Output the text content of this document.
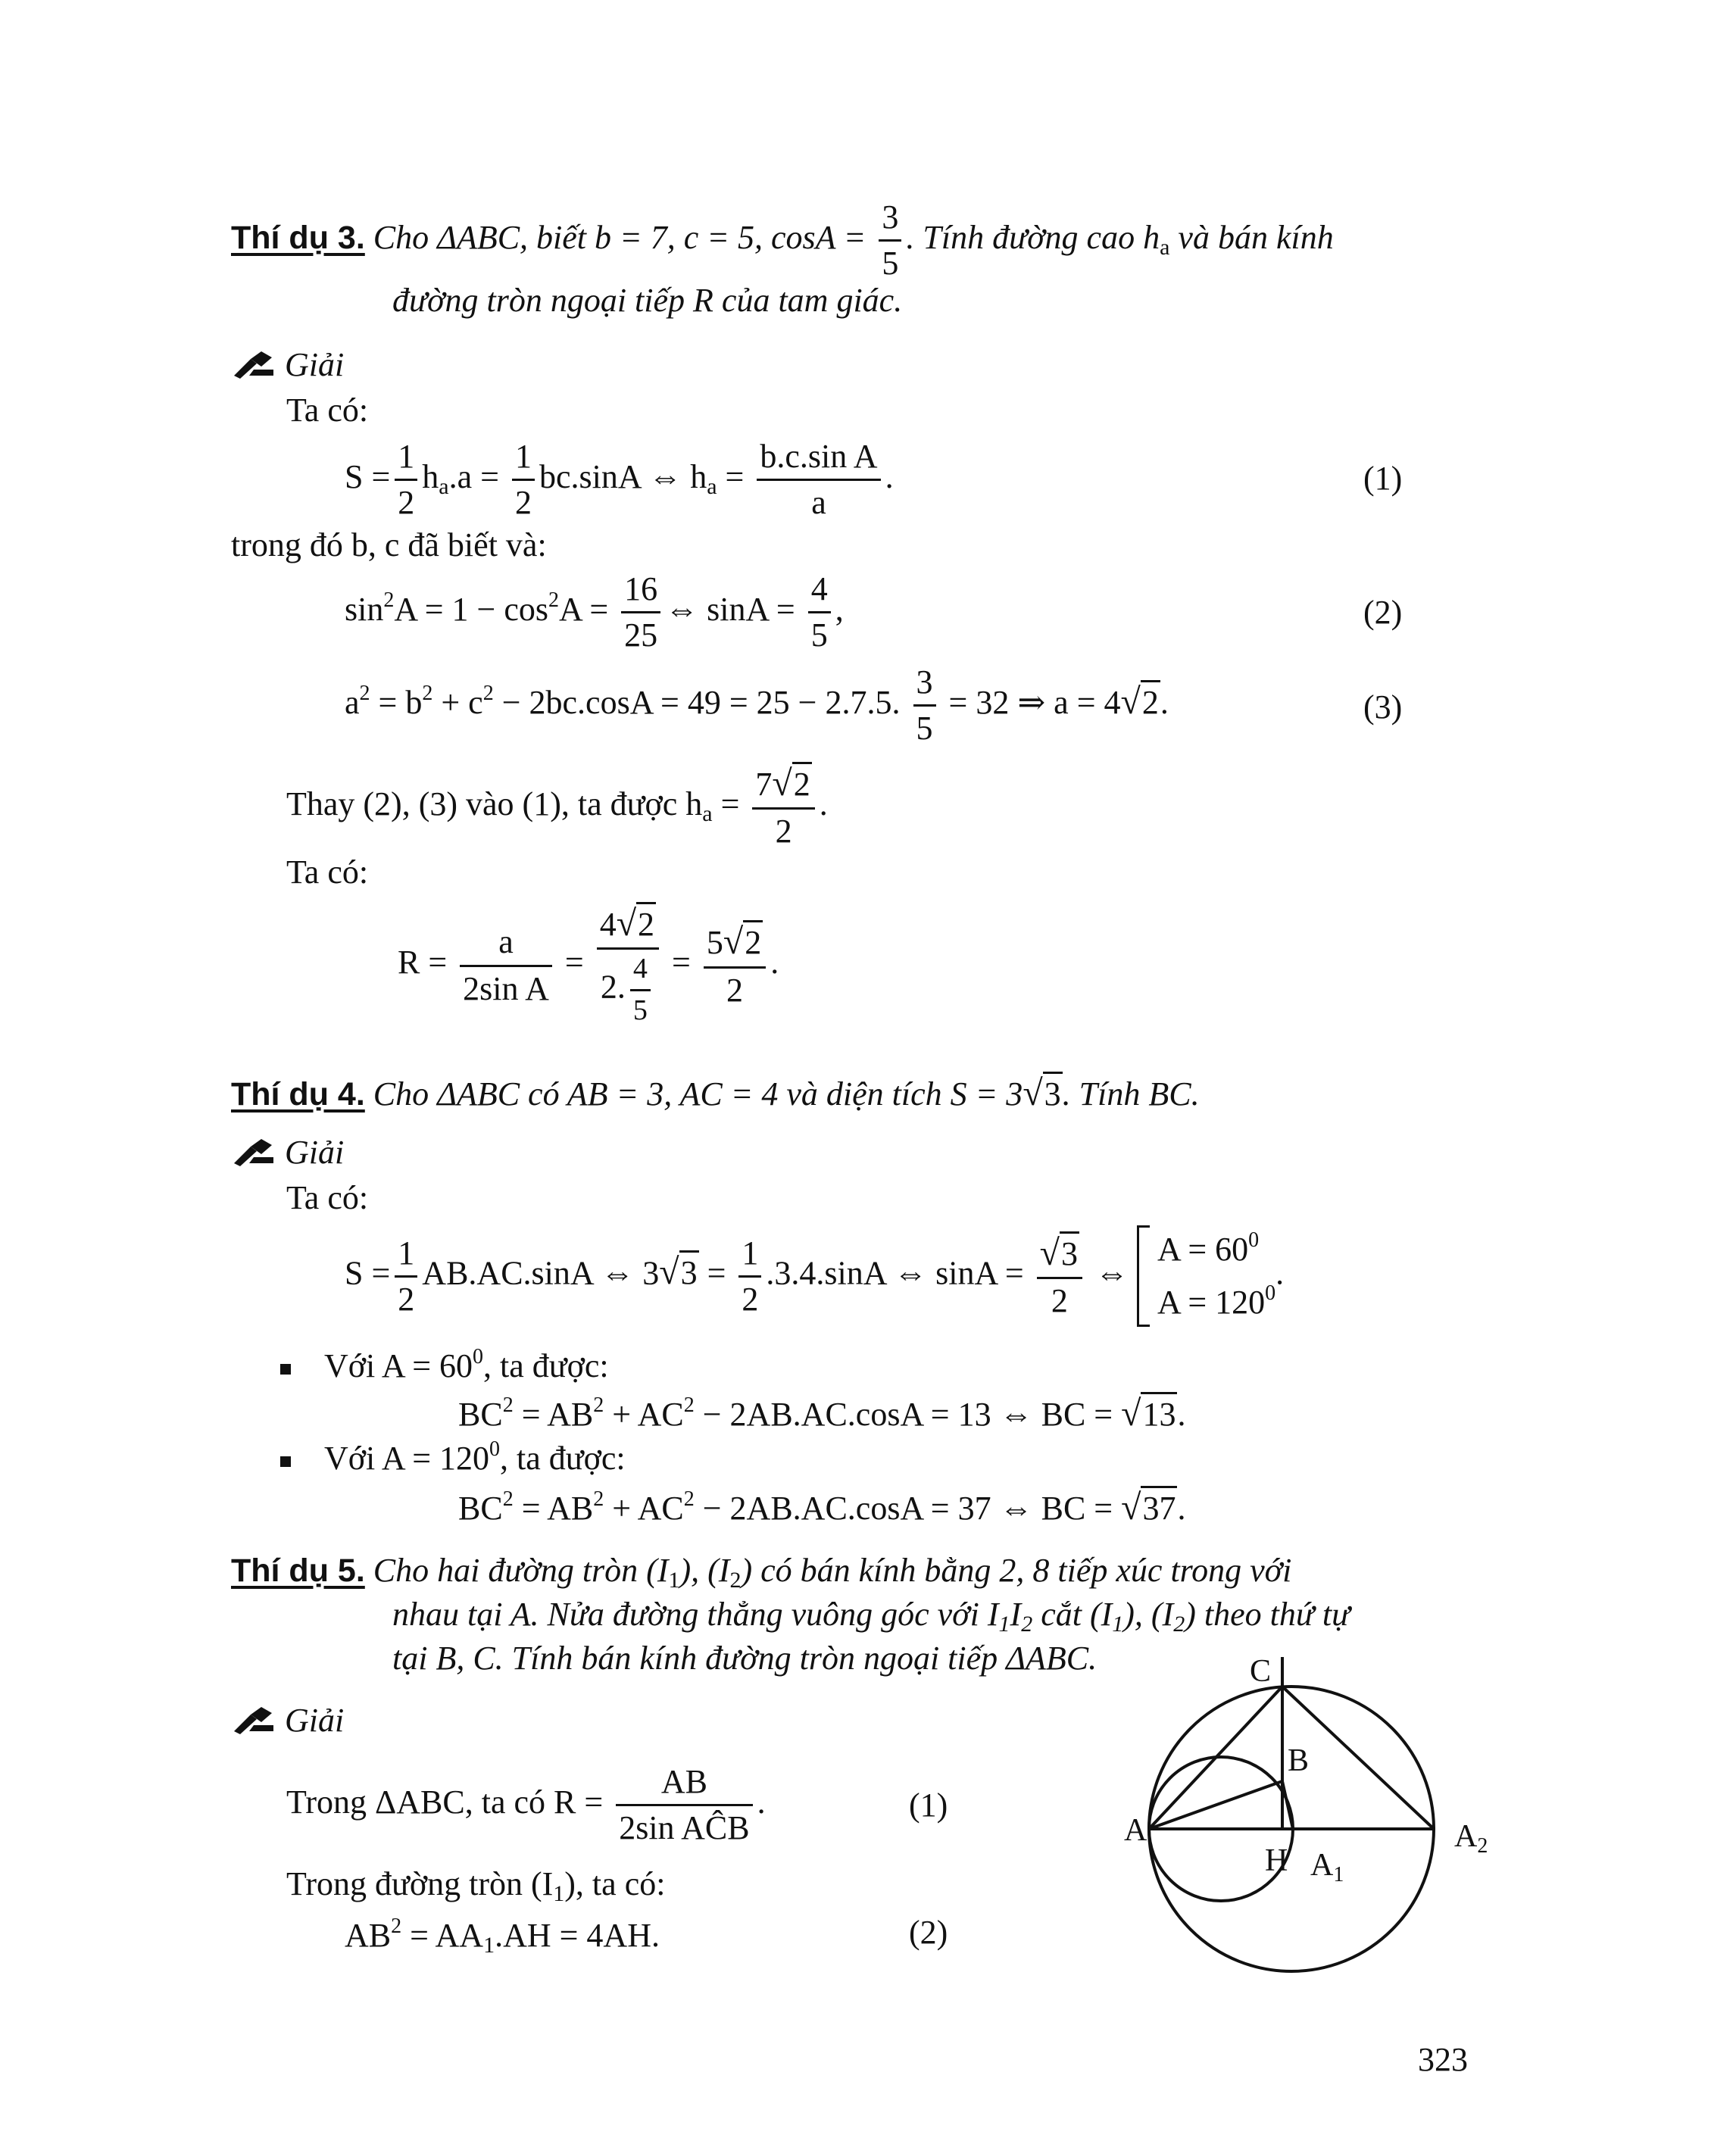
Thí dụ 3. Cho ΔABC, biết b = 7, c = 5, $\cos A = \frac{3}{5}$ . Tính đường cao $h_a$ và bán kính
đường tròn ngoại tiếp R của tam giác.
Giải
Ta có:
$S = \frac{1}{2} h_a.a = \frac{1}{2} bc.\sin A$ ⇔ $h_a = \frac{\text{b.c.sin A}}{a}$ .	(1)
trong đó b, c đã biết và:
$\sin^2A = 1 - \cos^2A = \frac{16}{25}$ ⇔ $\sin A = \frac{4}{5}$ ,	(2)
$a^2 = b^2 + c^2 - 2bc.\cos A = 49 = 25 - 2.7.5$. $\frac{3}{5} = 32$ ⇒ a = 4√2.	(3)
Thay (2), (3) vào (1), ta được $h_a = \frac{7√2}{2}$ .
Ta có:
$R = \frac{a}{\text{2sin A}} = \frac{4√2}{2. \frac{4}{5}} = \frac{5√2}{2}$ .
Thí dụ 4. Cho ΔABC có AB = 3, AC = 4 và diện tích S = 3√3. Tính BC.
Giải
Ta có:
$S = \frac{1}{2} AB.AC.\sin A$ ⇔ $3√3 = \frac{1}{2} .3.4.\sin A$ ⇔ $\sin A = \frac{√3}{2}$ ⇔
$A = 60^0$
$A = 120^0$
.
Với $A = 60^0$, ta được:
$BC^2 = AB^2 + AC^2 - 2AB.AC.\cos A = 13$ ⇔ BC = √13.
Với $A = 120^0$, ta được:
$BC^2 = AB^2 + AC^2 - 2AB.AC.\cos A = 37$ ⇔ BC = √37.
Thí dụ 5. Cho hai đường tròn $(I_1)$, $(I_2)$ có bán kính bằng 2, 8 tiếp xúc trong với
nhau tại A. Nửa đường thẳng vuông góc với $I_1I_2$ cắt $(I_1)$, $(I_2)$ theo thứ tự
tại B, C. Tính bán kính đường tròn ngoại tiếp ΔABC.
Giải
Trong ΔABC, ta có $R = \frac{AB}{\text{2sin AĈB}}$ .	(1)
Trong đường tròn $(I_1)$, ta có:
$AB^2 = AA_1.AH = 4AH$.	(2)
C
B
A
H A1
A2
323
